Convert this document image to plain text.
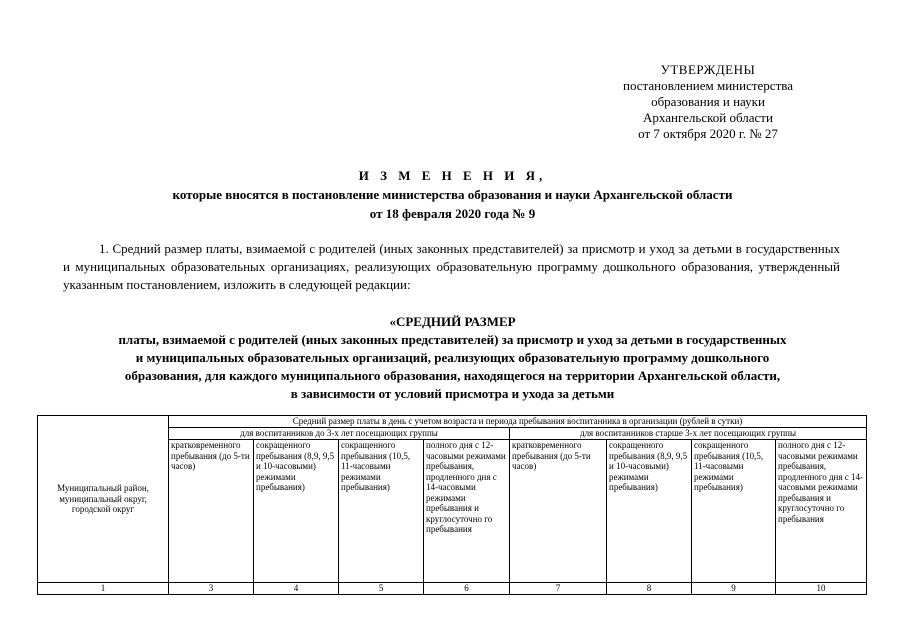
УТВЕРЖДЕНЫ
постановлением министерства
образования и науки
Архангельской области
от 7 октября 2020 г. № 27
И З М Е Н Е Н И Я,
которые вносятся в постановление министерства образования и науки Архангельской области
от 18 февраля 2020 года № 9
1. Средний размер платы, взимаемой с родителей (иных законных представителей) за присмотр и уход за детьми в государственных и муниципальных образовательных организациях, реализующих образовательную программу дошкольного образования, утвержденный указанным постановлением, изложить в следующей редакции:
«СРЕДНИЙ РАЗМЕР
платы, взимаемой с родителей (иных законных представителей) за присмотр и уход за детьми в государственных
и муниципальных образовательных организаций, реализующих образовательную программу дошкольного
образования, для каждого муниципального образования, находящегося на территории Архангельской области,
в зависимости от условий присмотра и ухода за детьми
Муниципальный район, муниципальный округ, городской округ	Средний размер платы в день с учетом возраста и периода пребывания воспитанника в организации (рублей в сутки)							
	для воспитанников до 3-х лет посещающих группы				для воспитанников старше 3-х лет посещающих группы			
	кратковременного пребывания (до 5-ти часов)	сокращенного пребывания (8,9, 9,5 и 10-часовыми) режимами пребывания)	сокращенного пребывания (10,5, 11-часовыми режимами пребывания)	полного дня с 12-часовыми режимами пребывания, продленного дня с 14-часовыми режимами пребывания и круглосуточно го пребывания	кратковременного пребывания (до 5-ти часов)	сокращенного пребывания (8,9, 9,5 и 10-часовыми) режимами пребывания)	сокращенного пребывания (10,5, 11-часовыми режимами пребывания)	полного дня с 12-часовыми режимами пребывания, продленного дня с 14-часовыми режимами пребывания и круглосуточно го пребывания
1	3	4	5	6	7	8	9	10
